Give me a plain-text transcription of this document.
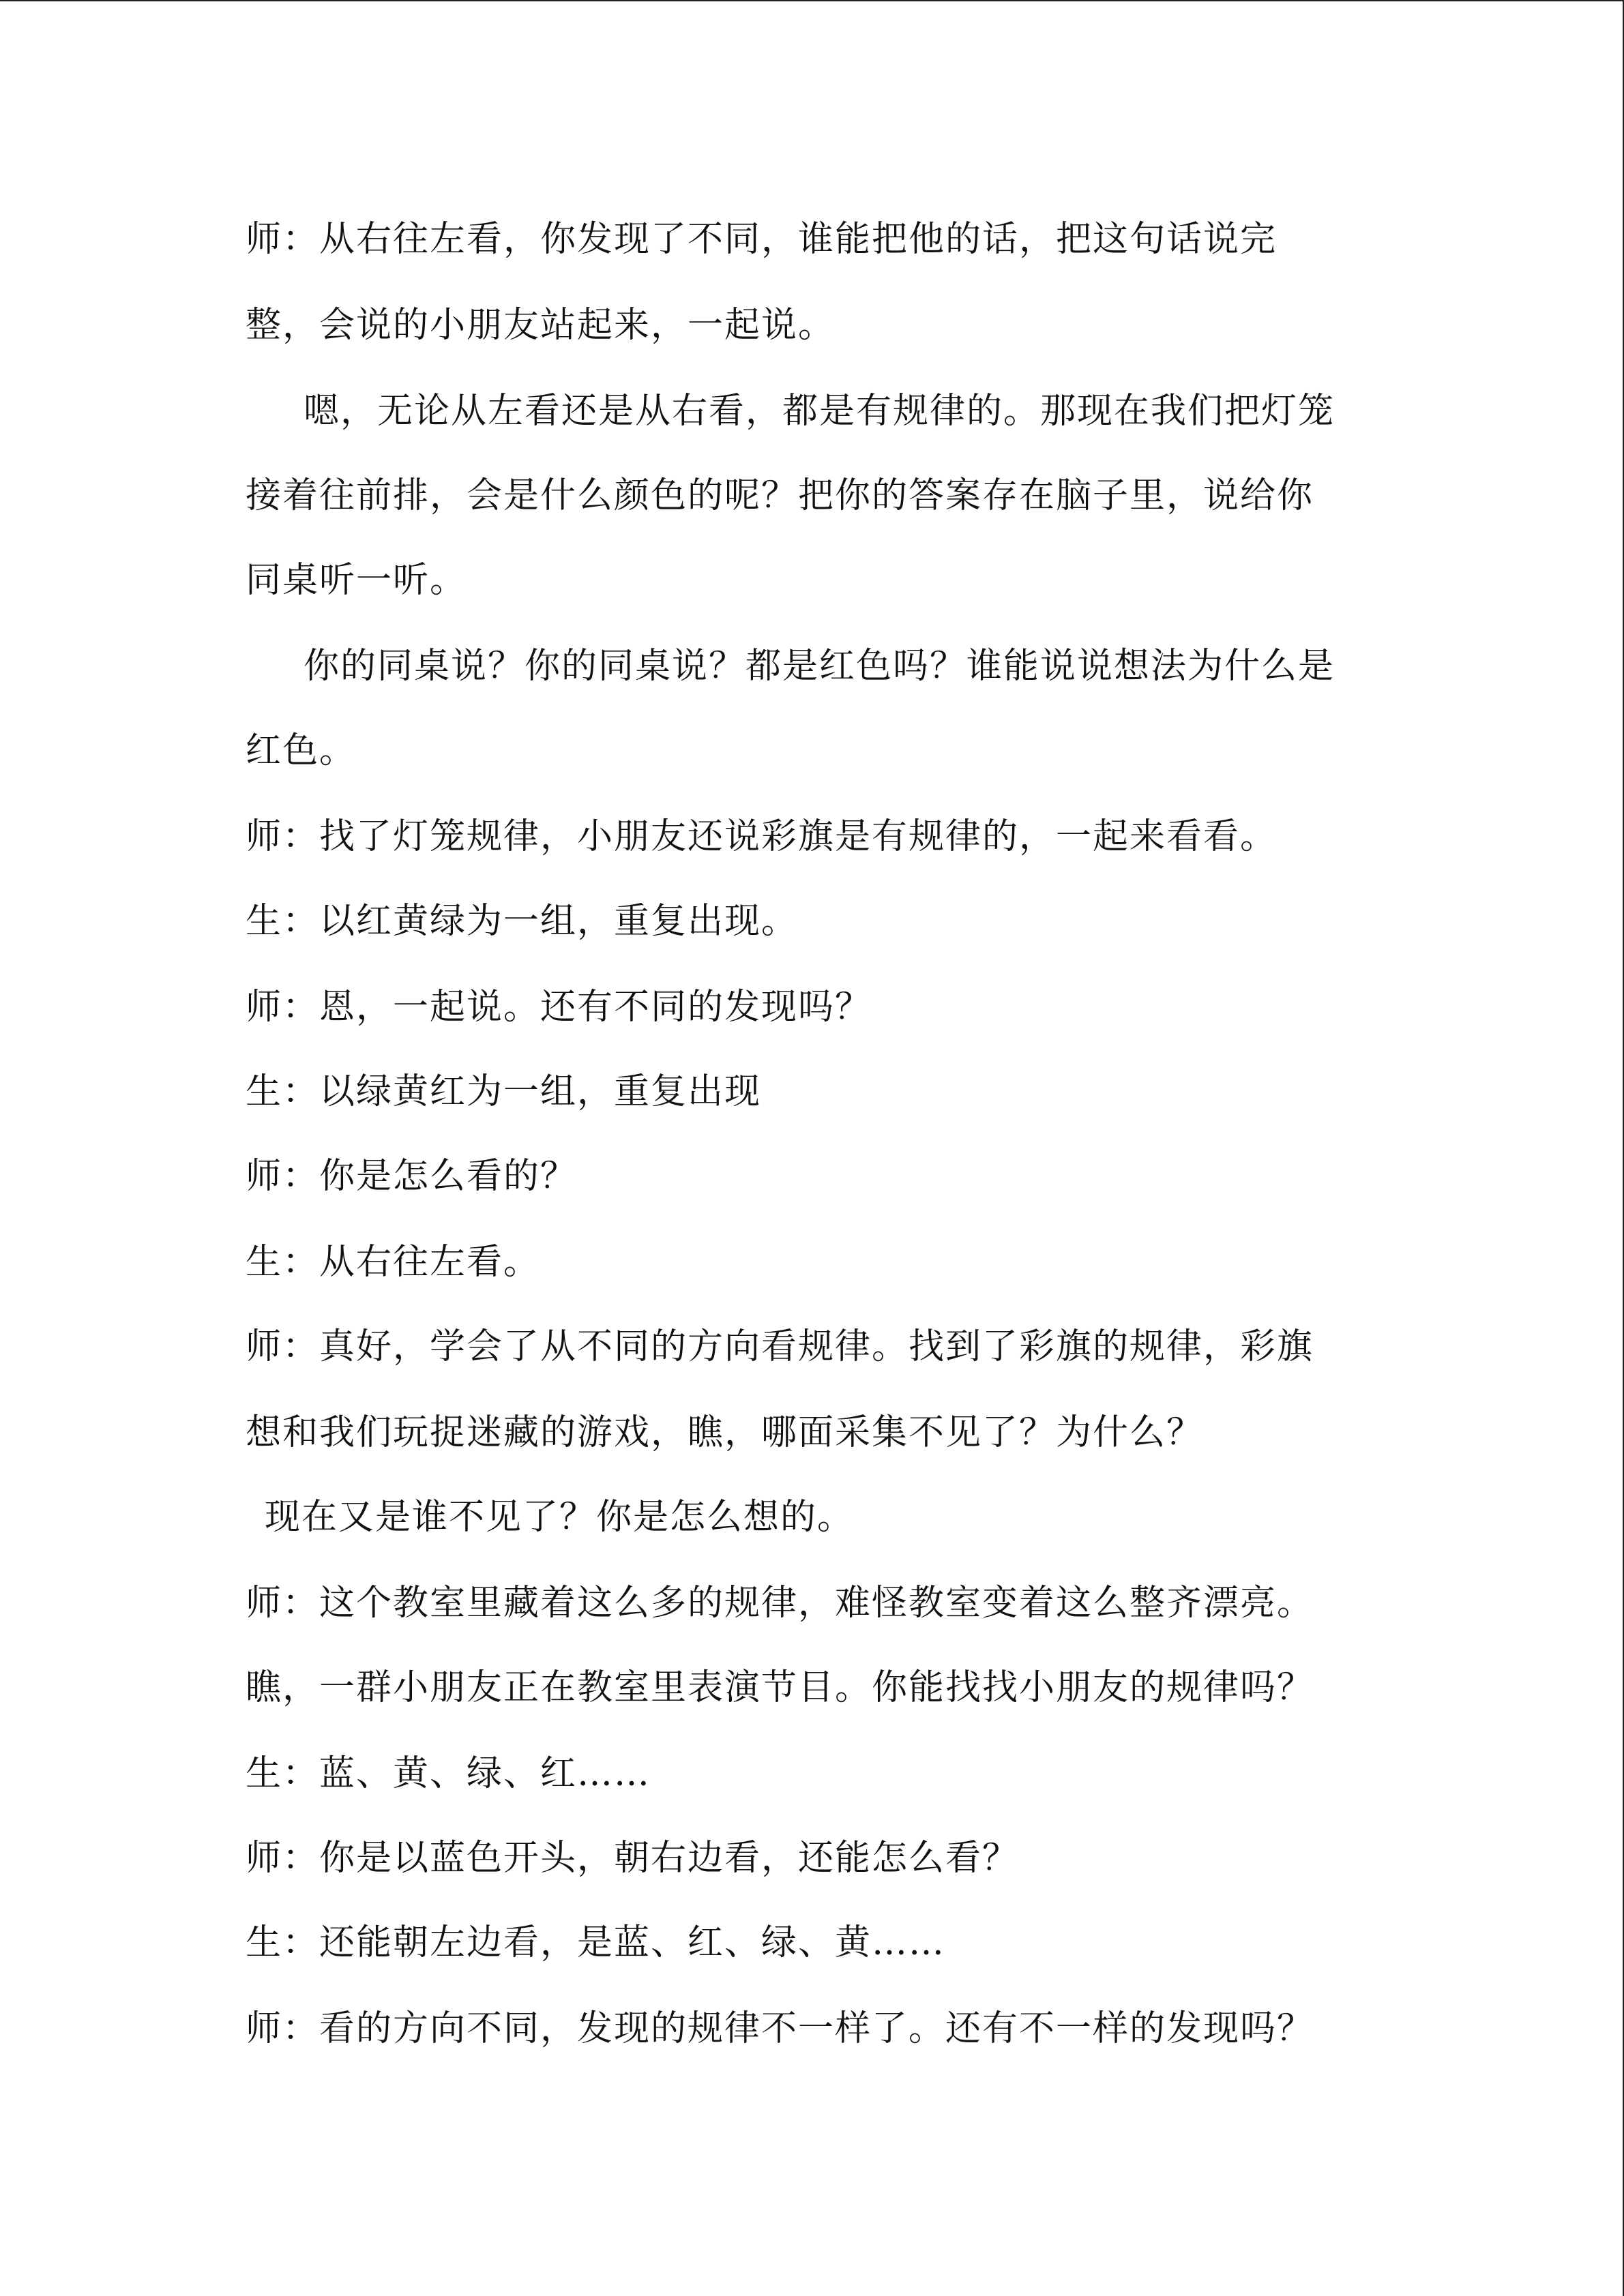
师：从右往左看，你发现了不同，谁能把他的话，把这句话说完
整，会说的小朋友站起来，一起说。
嗯，无论从左看还是从右看，都是有规律的。那现在我们把灯笼
接着往前排，会是什么颜色的呢？把你的答案存在脑子里，说给你
同桌听一听。
你的同桌说？你的同桌说？都是红色吗？谁能说说想法为什么是
红色。
师：找了灯笼规律，小朋友还说彩旗是有规律的，一起来看看。
生：以红黄绿为一组，重复出现。
师：恩，一起说。还有不同的发现吗？
生：以绿黄红为一组，重复出现
师：你是怎么看的？
生：从右往左看。
师：真好，学会了从不同的方向看规律。找到了彩旗的规律，彩旗
想和我们玩捉迷藏的游戏，瞧，哪面采集不见了？为什么？
现在又是谁不见了？你是怎么想的。
师：这个教室里藏着这么多的规律，难怪教室变着这么整齐漂亮。
瞧，一群小朋友正在教室里表演节目。你能找找小朋友的规律吗？
生：蓝、黄、绿、红……
师：你是以蓝色开头，朝右边看，还能怎么看？
生：还能朝左边看，是蓝、红、绿、黄……
师：看的方向不同，发现的规律不一样了。还有不一样的发现吗？
